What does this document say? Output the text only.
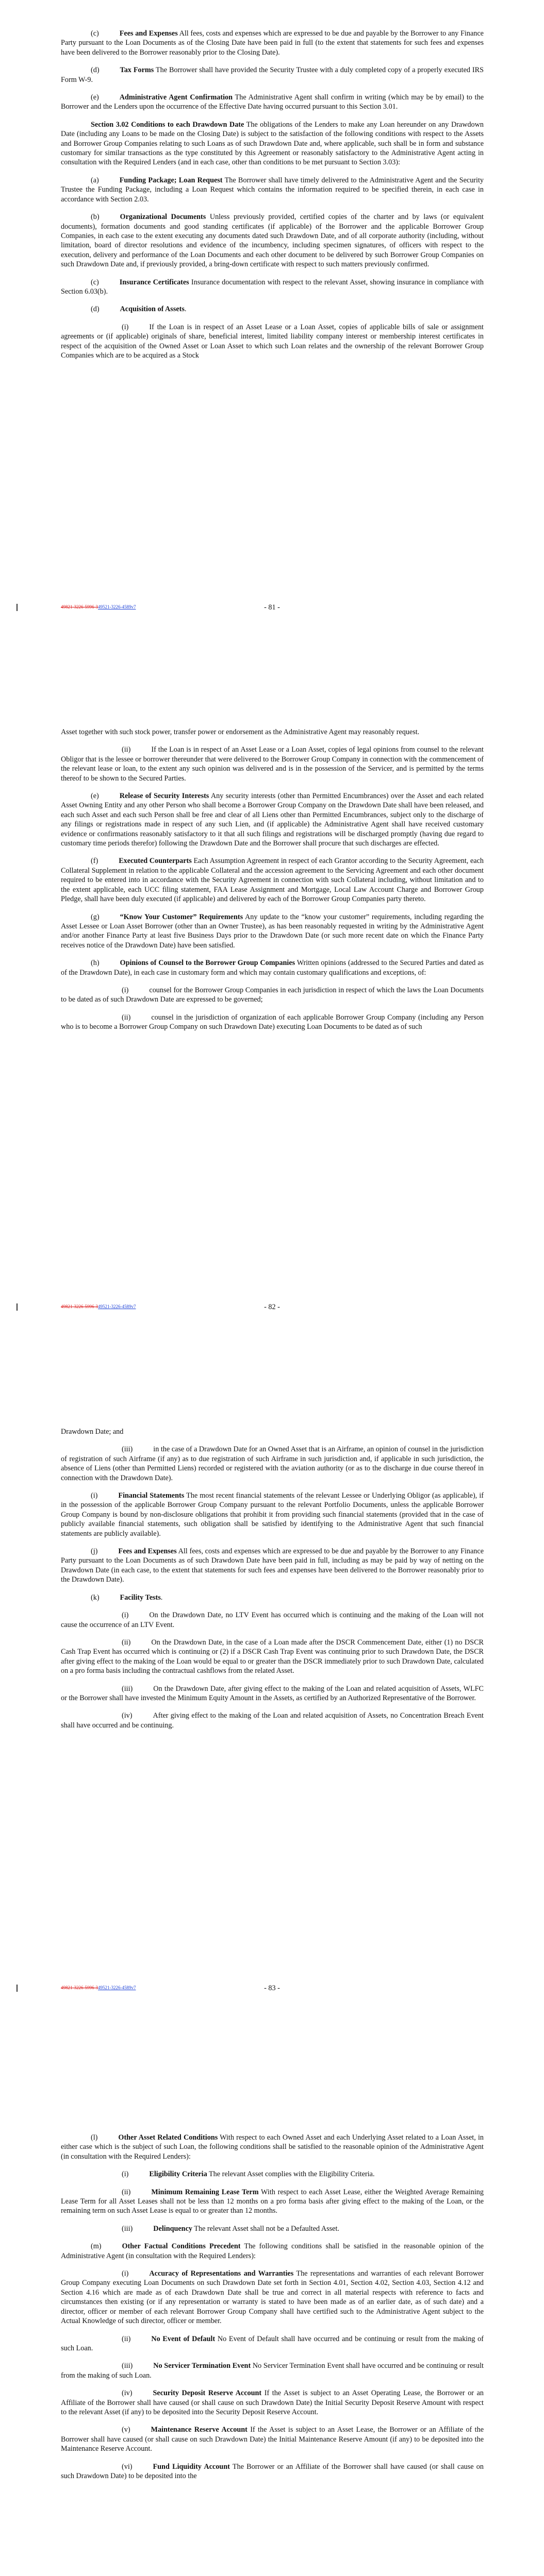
(c)	Fees and Expenses All fees, costs and expenses which are expressed to be due and payable by the Borrower to any Finance Party pursuant to the Loan Documents as of the Closing Date have been paid in full (to the extent that statements for such fees and expenses have been delivered to the Borrower reasonably prior to the Closing Date).

(d)	Tax Forms The Borrower shall have provided the Security Trustee with a duly completed copy of a properly executed IRS Form W-9.

(e)	Administrative Agent Confirmation The Administrative Agent shall confirm in writing (which may be by email) to the Borrower and the Lenders upon the occurrence of the Effective Date having occurred pursuant to this Section 3.01.

Section 3.02 Conditions to each Drawdown Date The obligations of the Lenders to make any Loan hereunder on any Drawdown Date (including any Loans to be made on the Closing Date) is subject to the satisfaction of the following conditions with respect to the Assets and Borrower Group Companies relating to such Loans as of such Drawdown Date and, where applicable, such shall be in form and substance customary for similar transactions as the type constituted by this Agreement or reasonably satisfactory to the Administrative Agent acting in consultation with the Required Lenders (and in each case, other than conditions to be met pursuant to Section 3.03):

(a)	Funding Package; Loan Request The Borrower shall have timely delivered to the Administrative Agent and the Security Trustee the Funding Package, including a Loan Request which contains the information required to be specified therein, in each case in accordance with Section 2.03.

(b)	Organizational Documents Unless previously provided, certified copies of the charter and by laws (or equivalent documents), formation documents and good standing certificates (if applicable) of the Borrower and the applicable Borrower Group Companies, in each case to the extent executing any documents dated such Drawdown Date, and of all corporate authority (including, without limitation, board of director resolutions and evidence of the incumbency, including specimen signatures, of officers with respect to the execution, delivery and performance of the Loan Documents and each other document to be delivered by such Borrower Group Companies on such Drawdown Date and, if previously provided, a bring-down certificate with respect to such matters previously confirmed.

(c)	Insurance Certificates Insurance documentation with respect to the relevant Asset, showing insurance in compliance with Section 6.03(b).

(d)	Acquisition of Assets.

(i)	If the Loan is in respect of an Asset Lease or a Loan Asset, copies of applicable bills of sale or assignment agreements or (if applicable) originals of share, beneficial interest, limited liability company interest or membership interest certificates in respect of the acquisition of the Owned Asset or Loan Asset to which such Loan relates and the ownership of the relevant Borrower Group Companies which are to be acquired as a Stock

49821-3226-5996-349521-3226-4589v7	- 81 -

Asset together with such stock power, transfer power or endorsement as the Administrative Agent may reasonably request.

(ii)	If the Loan is in respect of an Asset Lease or a Loan Asset, copies of legal opinions from counsel to the relevant Obligor that is the lessee or borrower thereunder that were delivered to the Borrower Group Company in connection with the commencement of the relevant lease or loan, to the extent any such opinion was delivered and is in the possession of the Servicer, and is permitted by the terms thereof to be shown to the Secured Parties.

(e)	Release of Security Interests Any security interests (other than Permitted Encumbrances) over the Asset and each related Asset Owning Entity and any other Person who shall become a Borrower Group Company on the Drawdown Date shall have been released, and each such Asset and each such Person shall be free and clear of all Liens other than Permitted Encumbrances, subject only to the discharge of any filings or registrations made in respect of any such Lien, and (if applicable) the Administrative Agent shall have received customary evidence or confirmations reasonably satisfactory to it that all such filings and registrations will be discharged promptly (having due regard to customary time periods therefor) following the Drawdown Date and the Borrower shall procure that such discharges are effected.

(f)	Executed Counterparts Each Assumption Agreement in respect of each Grantor according to the Security Agreement, each Collateral Supplement in relation to the applicable Collateral and the accession agreement to the Servicing Agreement and each other document required to be entered into in accordance with the Security Agreement in connection with such Collateral including, without limitation and to the extent applicable, each UCC filing statement, FAA Lease Assignment and Mortgage, Local Law Account Charge and Borrower Group Pledge, shall have been duly executed (if applicable) and delivered by each of the Borrower Group Companies party thereto.

(g)	“Know Your Customer” Requirements Any update to the “know your customer” requirements, including regarding the Asset Lessee or Loan Asset Borrower (other than an Owner Trustee), as has been reasonably requested in writing by the Administrative Agent and/or another Finance Party at least five Business Days prior to the Drawdown Date (or such more recent date on which the Finance Party receives notice of the Drawdown Date) have been satisfied.

(h)	Opinions of Counsel to the Borrower Group Companies Written opinions (addressed to the Secured Parties and dated as of the Drawdown Date), in each case in customary form and which may contain customary qualifications and exceptions, of:

(i)	counsel for the Borrower Group Companies in each jurisdiction in respect of which the laws the Loan Documents to be dated as of such Drawdown Date are expressed to be governed;

(ii)	counsel in the jurisdiction of organization of each applicable Borrower Group Company (including any Person who is to become a Borrower Group Company on such Drawdown Date) executing Loan Documents to be dated as of such

49821-3226-5996-349521-3226-4589v7	- 82 -

Drawdown Date; and

(iii)	in the case of a Drawdown Date for an Owned Asset that is an Airframe, an opinion of counsel in the jurisdiction of registration of such Airframe (if any) as to due registration of such Airframe in such jurisdiction and, if applicable in such jurisdiction, the absence of Liens (other than Permitted Liens) recorded or registered with the aviation authority (or as to the discharge in due course thereof in connection with the Drawdown Date).

(i)	Financial Statements The most recent financial statements of the relevant Lessee or Underlying Obligor (as applicable), if in the possession of the applicable Borrower Group Company pursuant to the relevant Portfolio Documents, unless the applicable Borrower Group Company is bound by non-disclosure obligations that prohibit it from providing such financial statements (provided that in the case of publicly available financial statements, such obligation shall be satisfied by identifying to the Administrative Agent that such financial statements are publicly available).

(j)	Fees and Expenses All fees, costs and expenses which are expressed to be due and payable by the Borrower to any Finance Party pursuant to the Loan Documents as of such Drawdown Date have been paid in full, including as may be paid by way of netting on the Drawdown Date (in each case, to the extent that statements for such fees and expenses have been delivered to the Borrower reasonably prior to the Drawdown Date).

(k)	Facility Tests.

(i)	On the Drawdown Date, no LTV Event has occurred which is continuing and the making of the Loan will not cause the occurrence of an LTV Event.

(ii)	On the Drawdown Date, in the case of a Loan made after the DSCR Commencement Date, either (1) no DSCR Cash Trap Event has occurred which is continuing or (2) if a DSCR Cash Trap Event was continuing prior to such Drawdown Date, the DSCR after giving effect to the making of the Loan would be equal to or greater than the DSCR immediately prior to such Drawdown Date, calculated on a pro forma basis including the contractual cashflows from the related Asset.

(iii)	On the Drawdown Date, after giving effect to the making of the Loan and related acquisition of Assets, WLFC or the Borrower shall have invested the Minimum Equity Amount in the Assets, as certified by an Authorized Representative of the Borrower.

(iv)	After giving effect to the making of the Loan and related acquisition of Assets, no Concentration Breach Event shall have occurred and be continuing.

49821-3226-5996-349521-3226-4589v7	- 83 -

(l)	Other Asset Related Conditions With respect to each Owned Asset and each Underlying Asset related to a Loan Asset, in either case which is the subject of such Loan, the following conditions shall be satisfied to the reasonable opinion of the Administrative Agent (in consultation with the Required Lenders):

(i)	Eligibility Criteria The relevant Asset complies with the Eligibility Criteria.

(ii)	Minimum Remaining Lease Term With respect to each Asset Lease, either the Weighted Average Remaining Lease Term for all Asset Leases shall not be less than 12 months on a pro forma basis after giving effect to the making of the Loan, or the remaining term on such Asset Lease is equal to or greater than 12 months.

(iii)	Delinquency The relevant Asset shall not be a Defaulted Asset.

(m)	Other Factual Conditions Precedent The following conditions shall be satisfied in the reasonable opinion of the Administrative Agent (in consultation with the Required Lenders):

(i)	Accuracy of Representations and Warranties The representations and warranties of each relevant Borrower Group Company executing Loan Documents on such Drawdown Date set forth in Section 4.01, Section 4.02, Section 4.03, Section 4.12 and Section 4.16 which are made as of each Drawdown Date shall be true and correct in all material respects with reference to facts and circumstances then existing (or if any representation or warranty is stated to have been made as of an earlier date, as of such date) and a director, officer or member of each relevant Borrower Group Company shall have certified such to the Administrative Agent subject to the Actual Knowledge of such director, officer or member.

(ii)	No Event of Default No Event of Default shall have occurred and be continuing or result from the making of such Loan.

(iii)	No Servicer Termination Event No Servicer Termination Event shall have occurred and be continuing or result from the making of such Loan.

(iv)	Security Deposit Reserve Account If the Asset is subject to an Asset Operating Lease, the Borrower or an Affiliate of the Borrower shall have caused (or shall cause on such Drawdown Date) the Initial Security Deposit Reserve Amount with respect to the relevant Asset (if any) to be deposited into the Security Deposit Reserve Account.

(v)	Maintenance Reserve Account If the Asset is subject to an Asset Lease, the Borrower or an Affiliate of the Borrower shall have caused (or shall cause on such Drawdown Date) the Initial Maintenance Reserve Amount (if any) to be deposited into the Maintenance Reserve Account.

(vi)	Fund Liquidity Account The Borrower or an Affiliate of the Borrower shall have caused (or shall cause on such Drawdown Date) to be deposited into the
